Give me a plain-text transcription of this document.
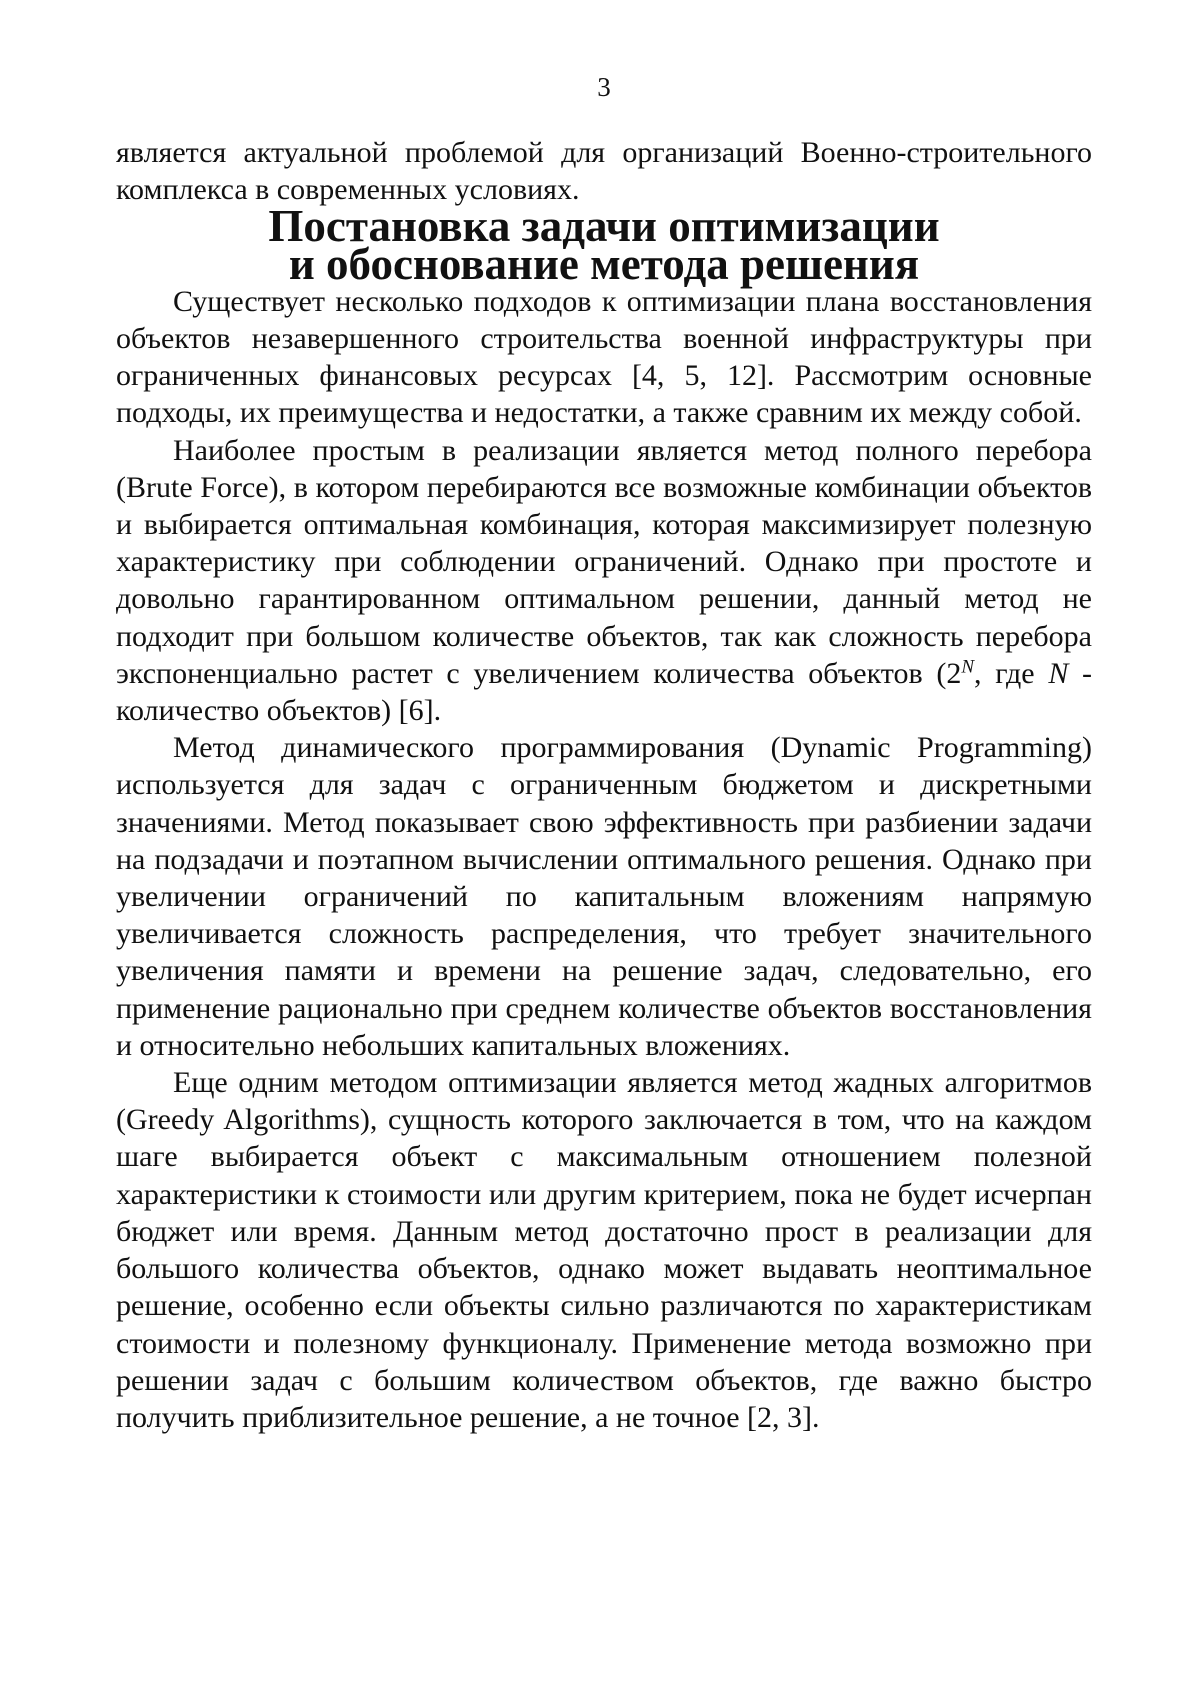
3

является актуальной проблемой для организаций Военно-строительного комплекса в современных условиях.

Постановка задачи оптимизации
и обоснование метода решения

Существует несколько подходов к оптимизации плана восстановления объектов незавершенного строительства военной инфраструктуры при ограниченных финансовых ресурсах [4, 5, 12]. Рассмотрим основные подходы, их преимущества и недостатки, а также сравним их между собой.

Наиболее простым в реализации является метод полного перебора (Brute Force), в котором перебираются все возможные комбинации объектов и выбирается оптимальная комбинация, которая максимизирует полезную характеристику при соблюдении ограничений. Однако при простоте и довольно гарантированном оптимальном решении, данный метод не подходит при большом количестве объектов, так как сложность перебора экспоненциально растет с увеличением количества объектов ($2^N$, где N - количество объектов) [6].

Метод динамического программирования (Dynamic Programming) используется для задач с ограниченным бюджетом и дискретными значениями. Метод показывает свою эффективность при разбиении задачи на подзадачи и поэтапном вычислении оптимального решения. Однако при увеличении ограничений по капитальным вложениям напрямую увеличивается сложность распределения, что требует значительного увеличения памяти и времени на решение задач, следовательно, его применение рационально при среднем количестве объектов восстановления и относительно небольших капитальных вложениях.

Еще одним методом оптимизации является метод жадных алгоритмов (Greedy Algorithms), сущность которого заключается в том, что на каждом шаге выбирается объект с максимальным отношением полезной характеристики к стоимости или другим критерием, пока не будет исчерпан бюджет или время. Данным метод достаточно прост в реализации для большого количества объектов, однако может выдавать неоптимальное решение, особенно если объекты сильно различаются по характеристикам стоимости и полезному функционалу. Применение метода возможно при решении задач с большим количеством объектов, где важно быстро получить приблизительное решение, а не точное [2, 3].
